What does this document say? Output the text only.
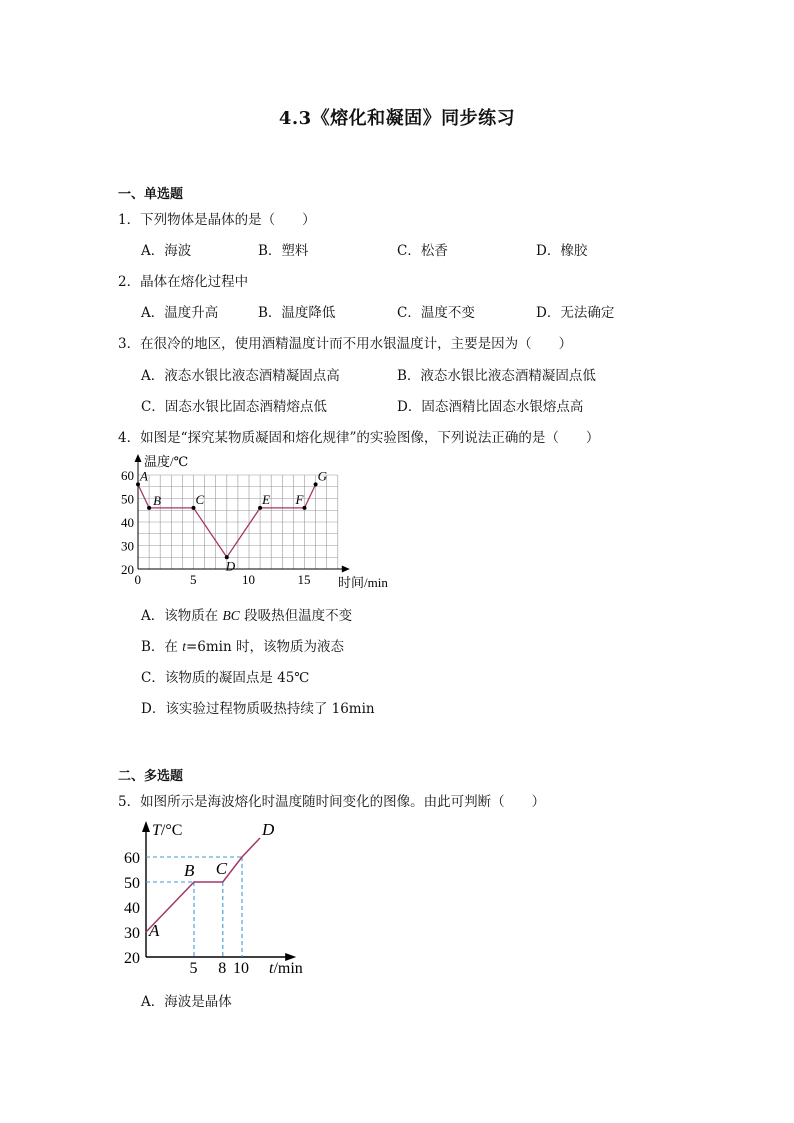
4.3《熔化和凝固》同步练习
一、单选题
1．下列物体是晶体的是（　　）
A．海波	B．塑料	C．松香	D．橡胶
2．晶体在熔化过程中
A．温度升高	B．温度降低	C．温度不变	D．无法确定
3．在很冷的地区，使用酒精温度计而不用水银温度计，主要是因为（　　）
A．液态水银比液态酒精凝固点高	B．液态水银比液态酒精凝固点低
C．固态水银比固态酒精熔点低	D．固态酒精比固态水银熔点高
4．如图是“探究某物质凝固和熔化规律”的实验图像，下列说法正确的是（　　）
60
50
40
30
20
0	5	10	15
A
B	C
D
E F
G
温度/℃
时间/min
A．该物质在 BC 段吸热但温度不变
B．在 t=6min 时，该物质为液态
C．该物质的凝固点是 45℃
D．该实验过程物质吸热持续了 16min
二、多选题
5．如图所示是海波熔化时温度随时间变化的图像。由此可判断（　　）
60
50
40
30
20
5 8 10
A
B C
D
T/°C
t/min
A．海波是晶体
